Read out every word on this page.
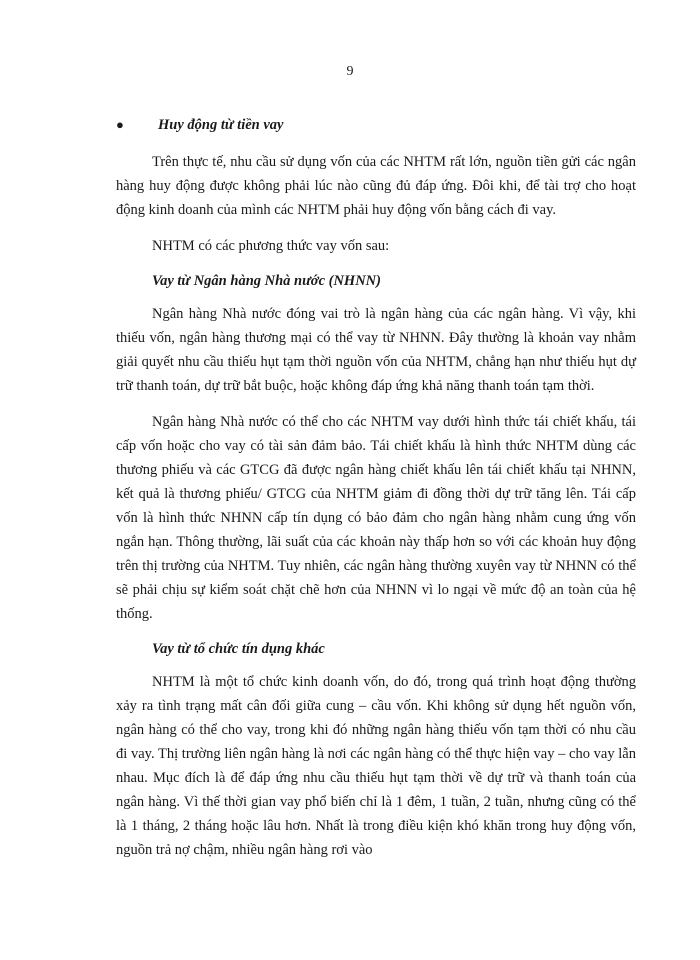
9
● Huy động từ tiền vay

Trên thực tế, nhu cầu sử dụng vốn của các NHTM rất lớn, nguồn tiền gửi các ngân hàng huy động được không phải lúc nào cũng đủ đáp ứng. Đôi khi, để tài trợ cho hoạt động kinh doanh của mình các NHTM phải huy động vốn bằng cách đi vay.

NHTM có các phương thức vay vốn sau:

Vay từ Ngân hàng Nhà nước (NHNN)

Ngân hàng Nhà nước đóng vai trò là ngân hàng của các ngân hàng. Vì vậy, khi thiếu vốn, ngân hàng thương mại có thể vay từ NHNN. Đây thường là khoản vay nhằm giải quyết nhu cầu thiếu hụt tạm thời nguồn vốn của NHTM, chẳng hạn như thiếu hụt dự trữ thanh toán, dự trữ bắt buộc, hoặc không đáp ứng khả năng thanh toán tạm thời.

Ngân hàng Nhà nước có thể cho các NHTM vay dưới hình thức tái chiết khấu, tái cấp vốn hoặc cho vay có tài sản đảm bảo. Tái chiết khấu là hình thức NHTM dùng các thương phiếu và các GTCG đã được ngân hàng chiết khấu lên tái chiết khấu tại NHNN, kết quả là thương phiếu/ GTCG của NHTM giảm đi đồng thời dự trữ tăng lên. Tái cấp vốn là hình thức NHNN cấp tín dụng có bảo đảm cho ngân hàng nhằm cung ứng vốn ngắn hạn. Thông thường, lãi suất của các khoản này thấp hơn so với các khoản huy động trên thị trường của NHTM. Tuy nhiên, các ngân hàng thường xuyên vay từ NHNN có thể sẽ phải chịu sự kiểm soát chặt chẽ hơn của NHNN vì lo ngại về mức độ an toàn của hệ thống.

Vay từ tổ chức tín dụng khác

NHTM là một tổ chức kinh doanh vốn, do đó, trong quá trình hoạt động thường xảy ra tình trạng mất cân đối giữa cung – cầu vốn. Khi không sử dụng hết nguồn vốn, ngân hàng có thể cho vay, trong khi đó những ngân hàng thiếu vốn tạm thời có nhu cầu đi vay. Thị trường liên ngân hàng là nơi các ngân hàng có thể thực hiện vay – cho vay lẫn nhau. Mục đích là để đáp ứng nhu cầu thiếu hụt tạm thời về dự trữ và thanh toán của ngân hàng. Vì thế thời gian vay phổ biến chỉ là 1 đêm, 1 tuần, 2 tuần, nhưng cũng có thể là 1 tháng, 2 tháng hoặc lâu hơn. Nhất là trong điều kiện khó khăn trong huy động vốn, nguồn trả nợ chậm, nhiều ngân hàng rơi vào
